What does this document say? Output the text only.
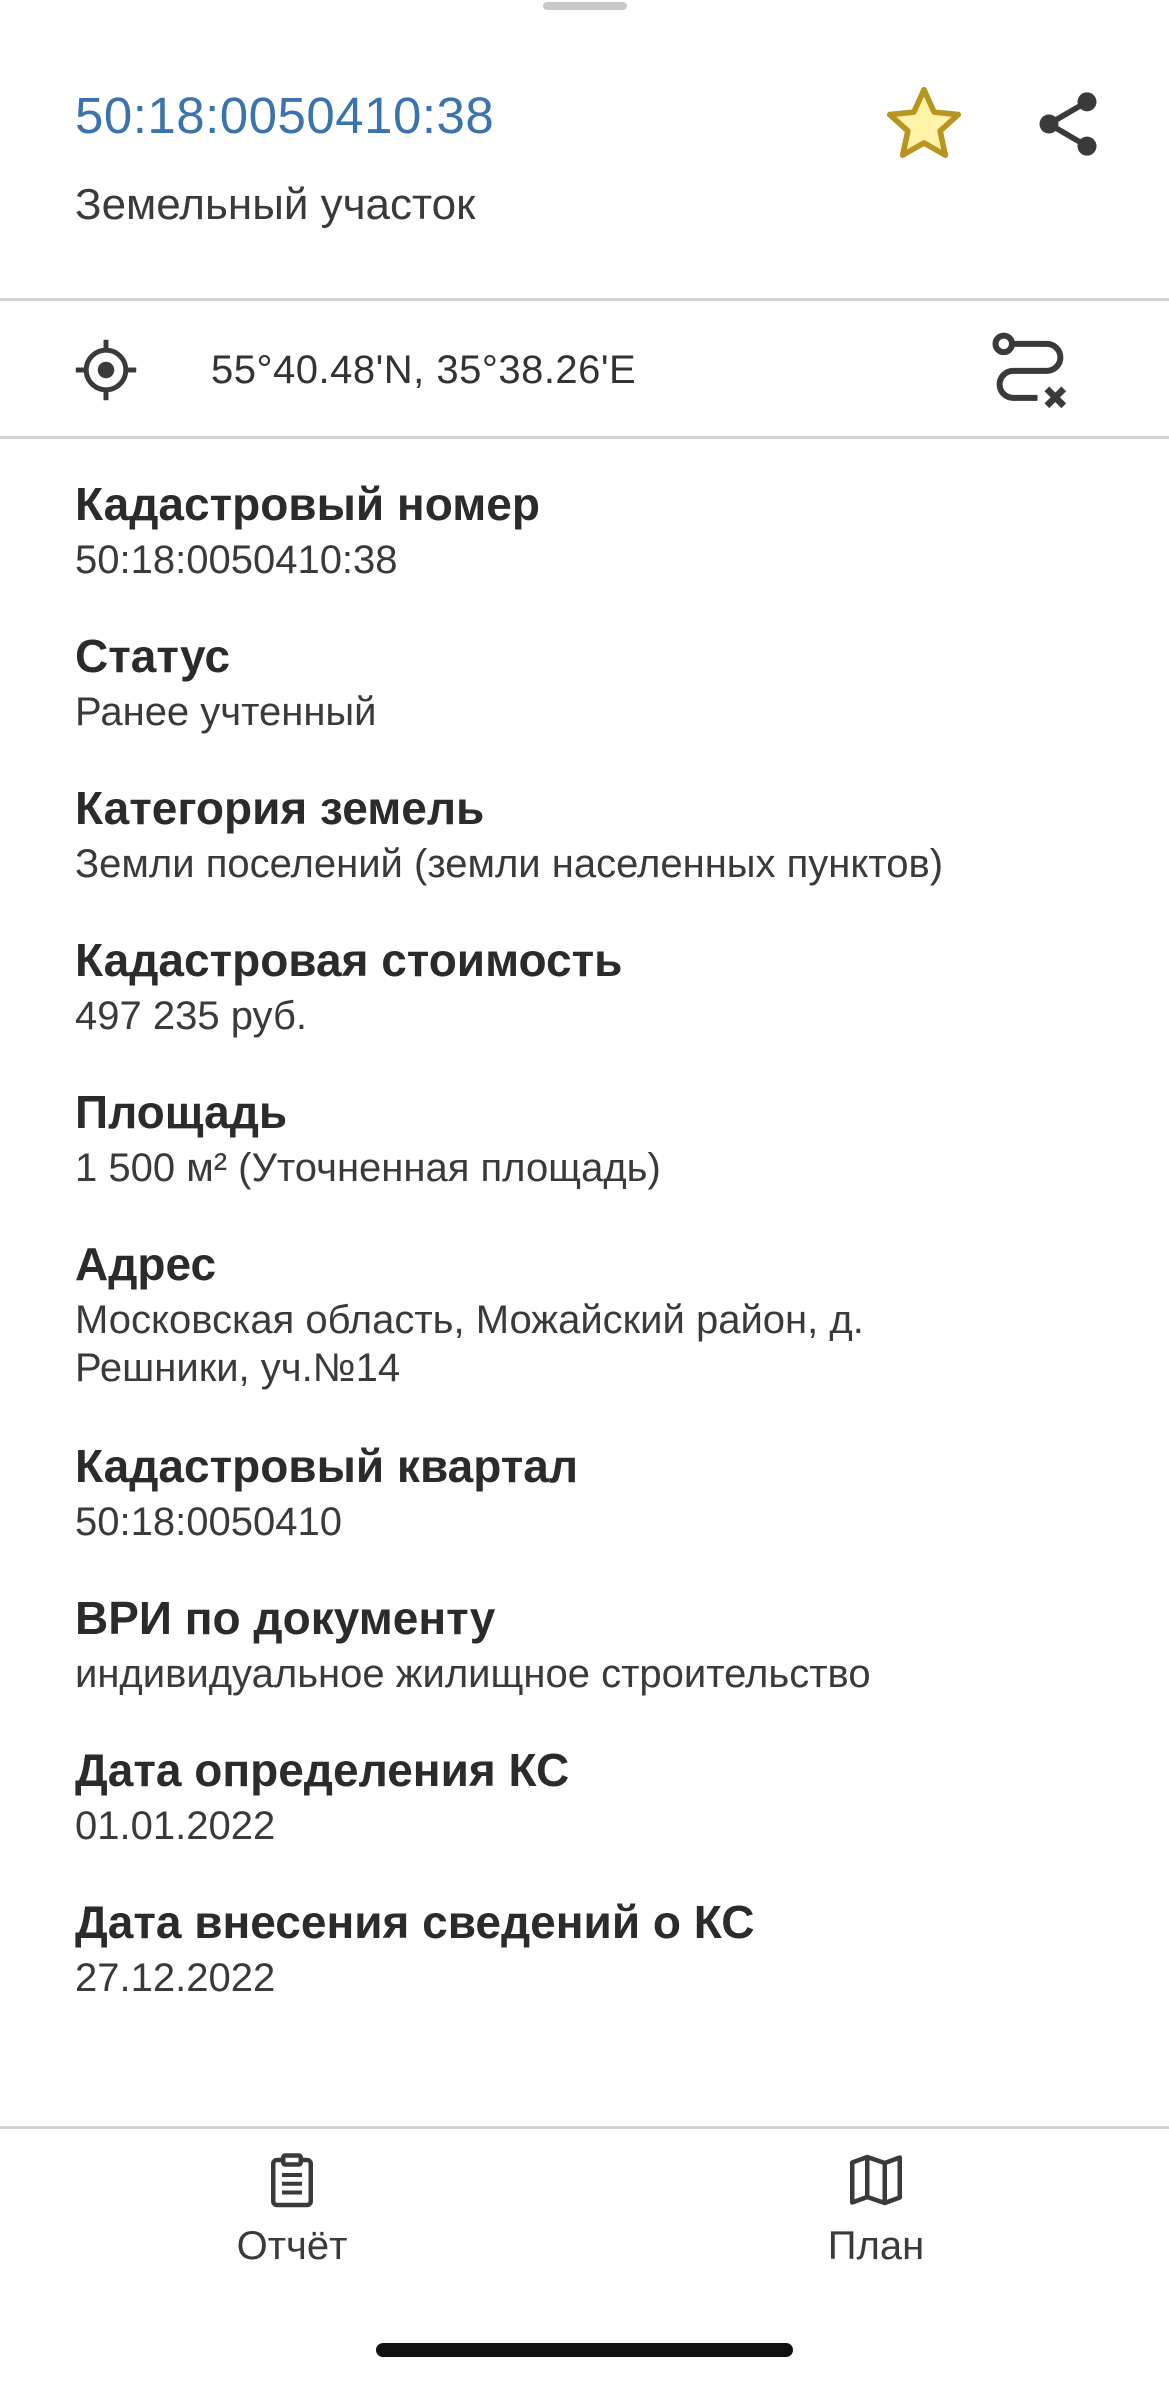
50:18:0050410:38
Земельный участок
55°40.48'N, 35°38.26'E
Кадастровый номер
50:18:0050410:38
Статус
Ранее учтенный
Категория земель
Земли поселений (земли населенных пунктов)
Кадастровая стоимость
497 235 руб.
Площадь
1 500 м² (Уточненная площадь)
Адрес
Московская область, Можайский район, д. Решники, уч.№14
Кадастровый квартал
50:18:0050410
ВРИ по документу
индивидуальное жилищное строительство
Дата определения КС
01.01.2022
Дата внесения сведений о КС
27.12.2022
Отчёт	План
